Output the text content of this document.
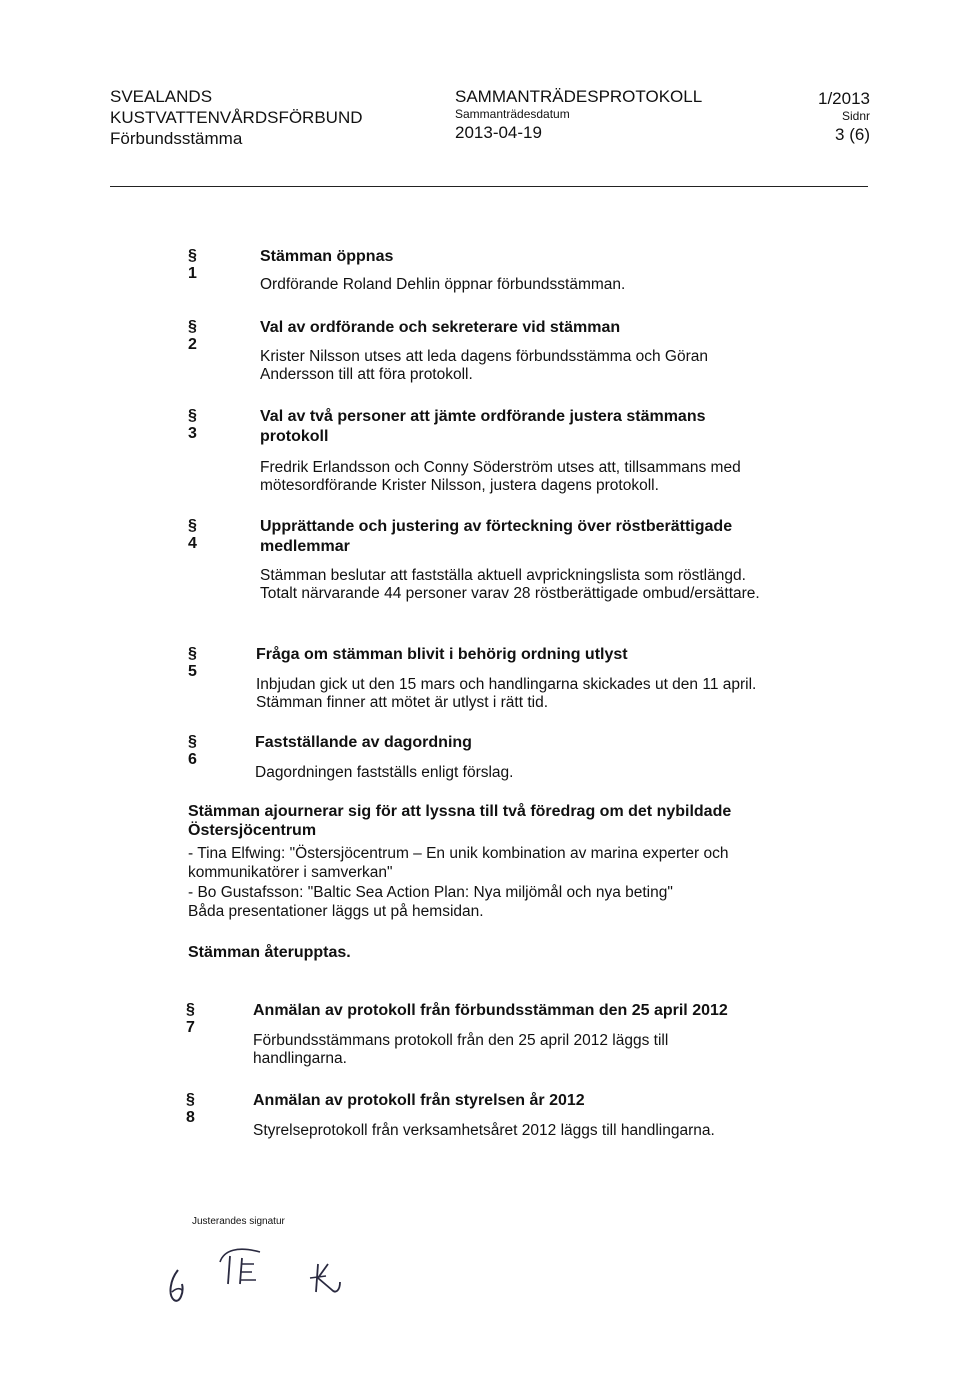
SVEALANDS
KUSTVATTENVÅRDSFÖRBUND
Förbundsstämma
SAMMANTRÄDESPROTOKOLL
Sammanträdesdatum
2013-04-19
1/2013
Sidnr
3 (6)
§ 1
Stämman öppnas
Ordförande Roland Dehlin öppnar förbundsstämman.
§ 2
Val av ordförande och sekreterare vid stämman
Krister Nilsson utses att leda dagens förbundsstämma och Göran Andersson till att föra protokoll.
§ 3
Val av två personer att jämte ordförande justera stämmans protokoll
Fredrik Erlandsson och Conny Söderström utses att, tillsammans med mötesordförande Krister Nilsson, justera dagens protokoll.
§ 4
Upprättande och justering av förteckning över röstberättigade medlemmar
Stämman beslutar att fastställa aktuell avprickningslista som röstlängd. Totalt närvarande 44 personer varav 28 röstberättigade ombud/ersättare.
§ 5
Fråga om stämman blivit i behörig ordning utlyst
Inbjudan gick ut den 15 mars och handlingarna skickades ut den 11 april. Stämman finner att mötet är utlyst i rätt tid.
§ 6
Fastställande av dagordning
Dagordningen fastställs enligt förslag.
Stämman ajournerar sig för att lyssna till två föredrag om det nybildade Östersjöcentrum
- Tina Elfwing: "Östersjöcentrum – En unik kombination av marina experter och kommunikatörer i samverkan"
- Bo Gustafsson: "Baltic Sea Action Plan: Nya miljömål och nya beting"
Båda presentationer läggs ut på hemsidan.
Stämman återupptas.
§ 7
Anmälan av protokoll från förbundsstämman den 25 april 2012
Förbundsstämmans protokoll från den 25 april 2012 läggs till handlingarna.
§ 8
Anmälan av protokoll från styrelsen år 2012
Styrelseprotokoll från verksamhetsåret 2012 läggs till handlingarna.
Justerandes signatur
